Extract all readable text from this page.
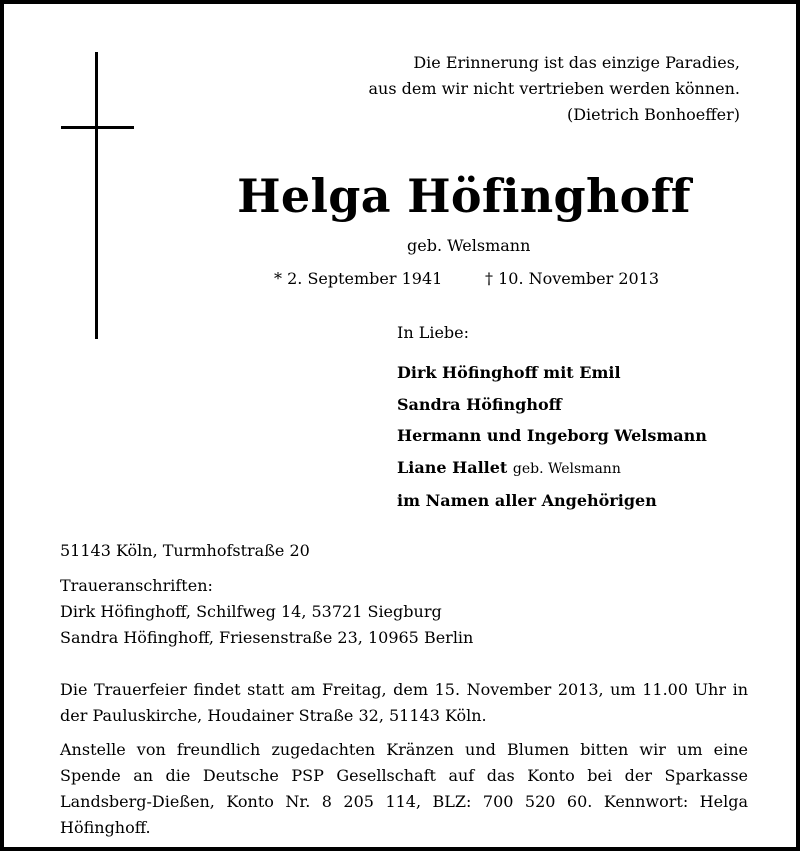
Die Erinnerung ist das einzige Paradies,
aus dem wir nicht vertrieben werden können.
(Dietrich Bonhoeffer)
Helga Höfinghoff
geb. Welsmann
* 2. September 1941	† 10. November 2013
In Liebe:
Dirk Höfinghoff mit Emil
Sandra Höfinghoff
Hermann und Ingeborg Welsmann
Liane Hallet geb. Welsmann
im Namen aller Angehörigen
51143 Köln, Turmhofstraße 20
Traueranschriften:
Dirk Höfinghoff, Schilfweg 14, 53721 Siegburg
Sandra Höfinghoff, Friesenstraße 23, 10965 Berlin
Die Trauerfeier findet statt am Freitag, dem 15. November 2013, um 11.00 Uhr in der Pauluskirche, Houdainer Straße 32, 51143 Köln.
Anstelle von freundlich zugedachten Kränzen und Blumen bitten wir um eine Spende an die Deutsche PSP Gesellschaft auf das Konto bei der Sparkasse Landsberg-Dießen, Konto Nr. 8 205 114, BLZ: 700 520 60. Kennwort: Helga Höfinghoff.
